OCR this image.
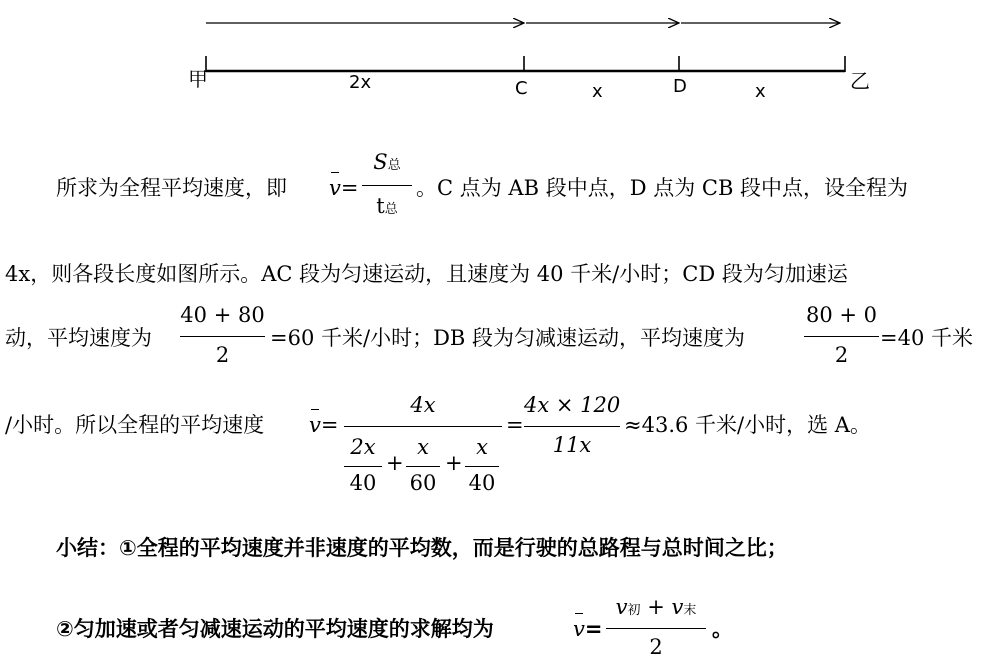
甲	2x	C	x	D	x	乙
所求为全程平均速度，即 v=
S总
t总
。C 点为 AB 段中点，D 点为 CB 段中点，设全程为
4x，则各段长度如图所示。AC 段为匀速运动，且速度为 40 千米/小时；CD 段为匀加速运
动，平均速度为
40 + 80
2
=60 千米/小时；DB 段为匀减速运动，平均速度为
80 + 0
2
=40 千米
/小时。所以全程的平均速度 v=
4x
2x
40
+
x
60
+
x
40
=
4x × 120
11x
≈43.6 千米/小时，选 A。
小结：①全程的平均速度并非速度的平均数，而是行驶的总路程与总时间之比；
②匀加速或者匀减速运动的平均速度的求解均为	v=
v初 + v末
2
。
